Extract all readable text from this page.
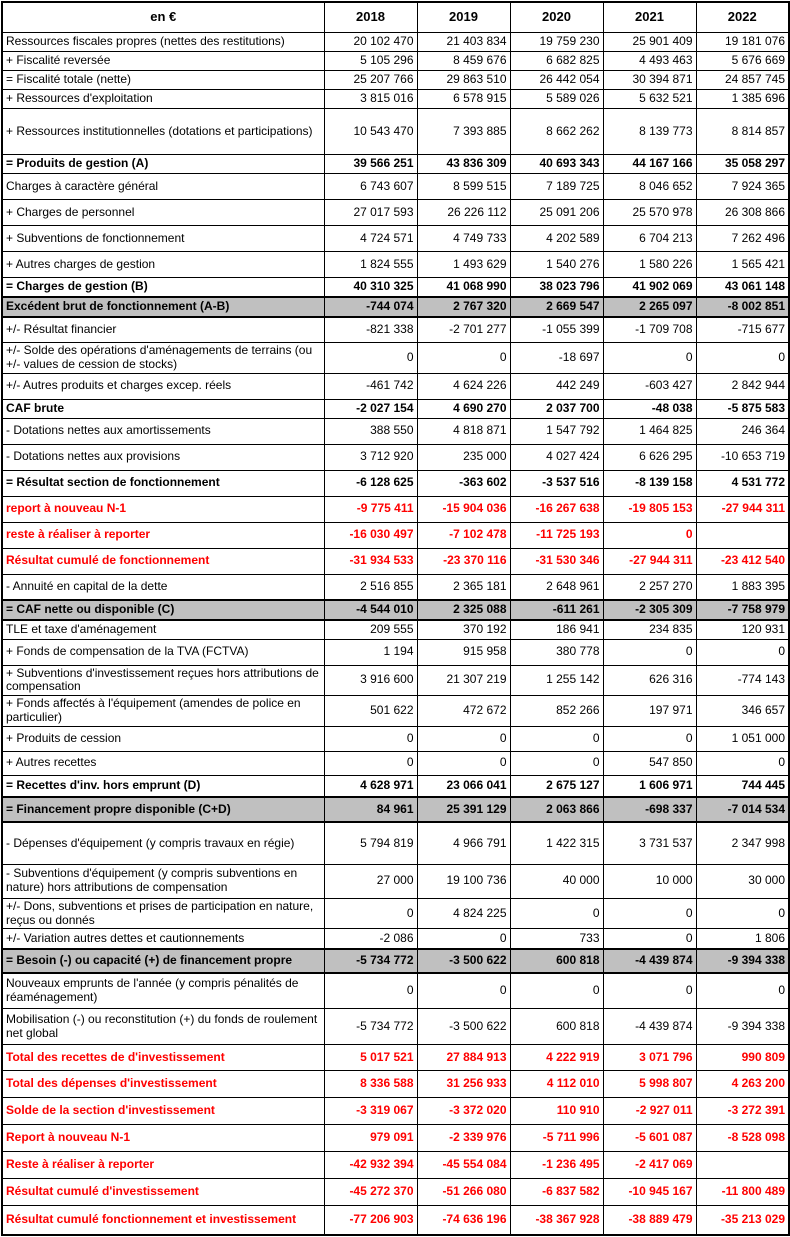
en €	2018	2019	2020	2021	2022
Ressources fiscales propres (nettes des restitutions)	20 102 470	21 403 834	19 759 230	25 901 409	19 181 076
+ Fiscalité reversée	5 105 296	8 459 676	6 682 825	4 493 463	5 676 669
= Fiscalité totale (nette)	25 207 766	29 863 510	26 442 054	30 394 871	24 857 745
+ Ressources d'exploitation	3 815 016	6 578 915	5 589 026	5 632 521	1 385 696
+ Ressources institutionnelles (dotations et participations)	10 543 470	7 393 885	8 662 262	8 139 773	8 814 857
= Produits de gestion (A)	39 566 251	43 836 309	40 693 343	44 167 166	35 058 297
Charges à caractère général	6 743 607	8 599 515	7 189 725	8 046 652	7 924 365
+ Charges de personnel	27 017 593	26 226 112	25 091 206	25 570 978	26 308 866
+ Subventions de fonctionnement	4 724 571	4 749 733	4 202 589	6 704 213	7 262 496
+ Autres charges de gestion	1 824 555	1 493 629	1 540 276	1 580 226	1 565 421
= Charges de gestion (B)	40 310 325	41 068 990	38 023 796	41 902 069	43 061 148
Excédent brut de fonctionnement (A-B)	-744 074	2 767 320	2 669 547	2 265 097	-8 002 851
+/- Résultat financier	-821 338	-2 701 277	-1 055 399	-1 709 708	-715 677
+/- Solde des opérations d'aménagements de terrains (ou +/- values de cession de stocks)	0	0	-18 697	0	0
+/- Autres produits et charges excep. réels	-461 742	4 624 226	442 249	-603 427	2 842 944
CAF brute	-2 027 154	4 690 270	2 037 700	-48 038	-5 875 583
- Dotations nettes aux amortissements	388 550	4 818 871	1 547 792	1 464 825	246 364
- Dotations nettes aux provisions	3 712 920	235 000	4 027 424	6 626 295	-10 653 719
= Résultat section de fonctionnement	-6 128 625	-363 602	-3 537 516	-8 139 158	4 531 772
report à nouveau N-1	-9 775 411	-15 904 036	-16 267 638	-19 805 153	-27 944 311
reste à réaliser à reporter	-16 030 497	-7 102 478	-11 725 193	0	
Résultat cumulé de fonctionnement	-31 934 533	-23 370 116	-31 530 346	-27 944 311	-23 412 540
- Annuité en capital de la dette	2 516 855	2 365 181	2 648 961	2 257 270	1 883 395
= CAF nette ou disponible (C)	-4 544 010	2 325 088	-611 261	-2 305 309	-7 758 979
TLE et taxe d'aménagement	209 555	370 192	186 941	234 835	120 931
+ Fonds de compensation de la TVA (FCTVA)	1 194	915 958	380 778	0	0
+ Subventions d'investissement reçues hors attributions de compensation	3 916 600	21 307 219	1 255 142	626 316	-774 143
+ Fonds affectés à l'équipement (amendes de police en particulier)	501 622	472 672	852 266	197 971	346 657
+ Produits de cession	0	0	0	0	1 051 000
+ Autres recettes	0	0	0	547 850	0
= Recettes d'inv. hors emprunt (D)	4 628 971	23 066 041	2 675 127	1 606 971	744 445
= Financement propre disponible (C+D)	84 961	25 391 129	2 063 866	-698 337	-7 014 534
- Dépenses d'équipement (y compris travaux en régie)	5 794 819	4 966 791	1 422 315	3 731 537	2 347 998
- Subventions d'équipement (y compris subventions en nature) hors attributions de compensation	27 000	19 100 736	40 000	10 000	30 000
+/- Dons, subventions et prises de participation en nature, reçus ou donnés	0	4 824 225	0	0	0
+/- Variation autres dettes et cautionnements	-2 086	0	733	0	1 806
= Besoin (-) ou capacité (+) de financement propre	-5 734 772	-3 500 622	600 818	-4 439 874	-9 394 338
Nouveaux emprunts de l'année (y compris pénalités de réaménagement)	0	0	0	0	0
Mobilisation (-) ou reconstitution (+) du fonds de roulement net global	-5 734 772	-3 500 622	600 818	-4 439 874	-9 394 338
Total des recettes de d'investissement	5 017 521	27 884 913	4 222 919	3 071 796	990 809
Total des dépenses d'investissement	8 336 588	31 256 933	4 112 010	5 998 807	4 263 200
Solde de la section d'investissement	-3 319 067	-3 372 020	110 910	-2 927 011	-3 272 391
Report à nouveau N-1	979 091	-2 339 976	-5 711 996	-5 601 087	-8 528 098
Reste à réaliser à reporter	-42 932 394	-45 554 084	-1 236 495	-2 417 069	
Résultat cumulé d'investissement	-45 272 370	-51 266 080	-6 837 582	-10 945 167	-11 800 489
Résultat cumulé fonctionnement et investissement	-77 206 903	-74 636 196	-38 367 928	-38 889 479	-35 213 029
